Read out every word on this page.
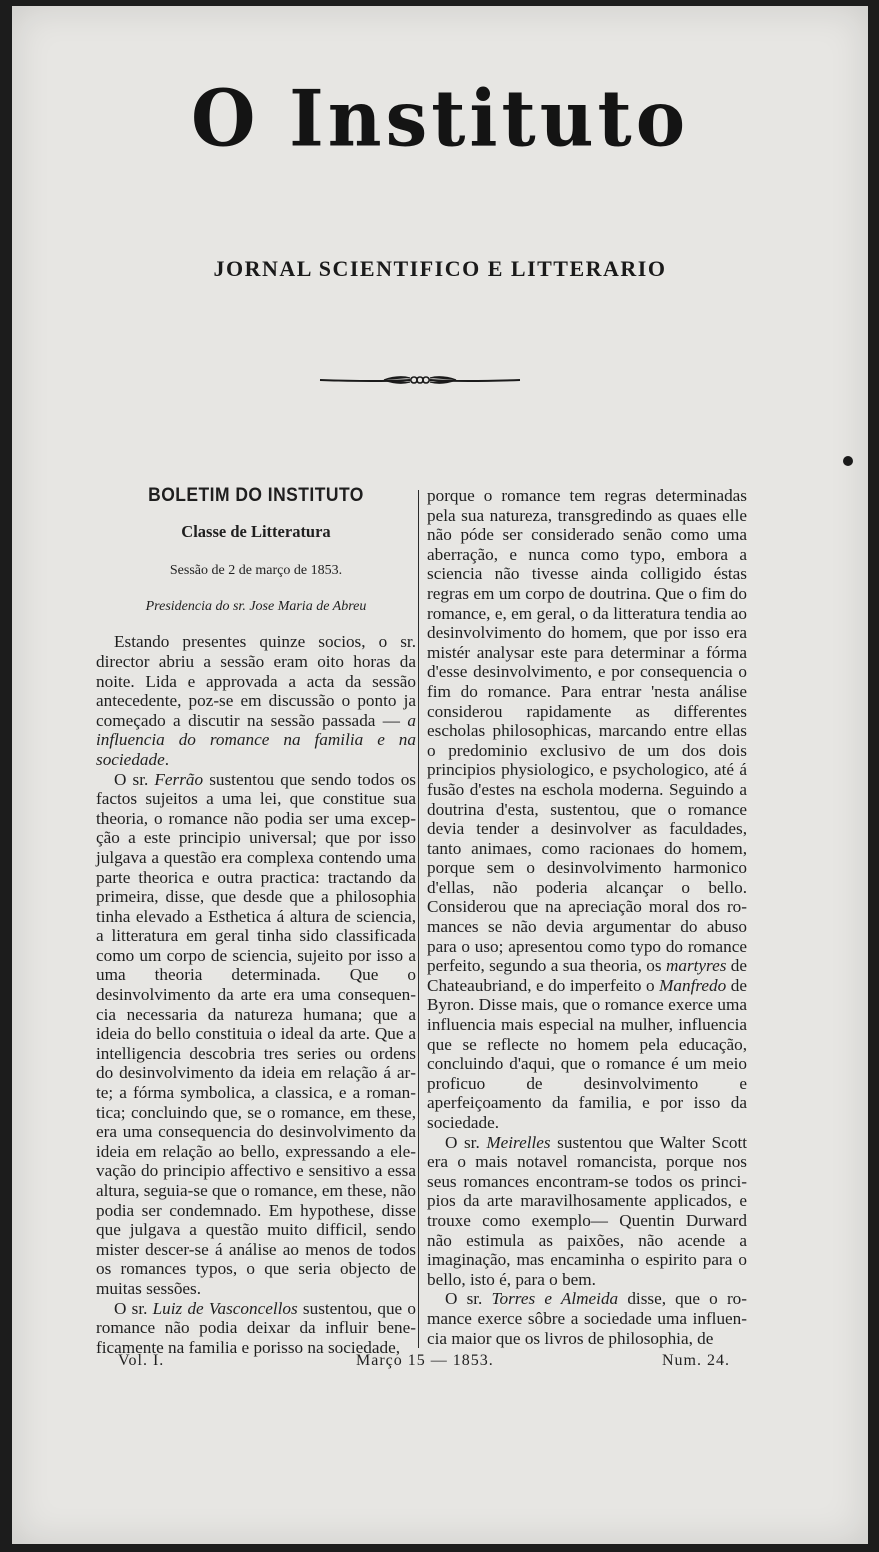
O Instituto
JORNAL SCIENTIFICO E LITTERARIO
BOLETIM DO INSTITUTO
Classe de Litteratura
Sessão de 2 de março de 1853.
Presidencia do sr. Jose Maria de Abreu

Estando presentes quinze socios, o sr. director abriu a sessão eram oito horas da noite. Lida e approvada a acta da sessão antecedente, poz-se em discussão o ponto ja começado a discutir na sessão passada — a influencia do romance na familia e na sociedade.

O sr. Ferrão sustentou que sendo todos os factos sujeitos a uma lei, que constitue sua theoria, o romance não podia ser uma excepção a este principio universal; que por isso julgava a questão era complexa contendo uma parte theorica e outra practica: tractando da primeira, disse, que desde que a philosophia tinha elevado a Esthetica á altura de sciencia, a litteratura em geral tinha sido classificada como um corpo de sciencia, sujeito por isso a uma theoria determinada. Que o desinvolvimento da arte era uma consequencia necessaria da natureza humana; que a ideia do bello constituia o ideal da arte. Que a intelligencia descobria tres series ou ordens do desinvolvimento da ideia em relação á arte; a fórma symbolica, a classica, e a romantica; concluindo que, se o romance, em these, era uma consequencia do desinvolvimento da ideia em relação ao bello, expressando a elevação do principio affectivo e sensitivo a essa altura, seguia-se que o romance, em these, não podia ser condemnado. Em hypothese, disse que julgava a questão muito difficil, sendo mister descer-se á análise ao menos de todos os romances typos, o que seria objecto de muitas sessões.

O sr. Luiz de Vasconcellos sustentou, que o romance não podia deixar da influir beneficamente na familia e porisso na sociedade,

porque o romance tem regras determinadas pela sua natureza, transgredindo as quaes elle não póde ser considerado senão como uma aberração, e nunca como typo, embora a sciencia não tivesse ainda colligido éstas regras em um corpo de doutrina. Que o fim do romance, e, em geral, o da litteratura tendia ao desinvolvimento do homem, que por isso era mistér analysar este para determinar a fórma d'esse desinvolvimento, e por consequencia o fim do romance. Para entrar 'nesta análise considerou rapidamente as differentes escholas philosophicas, marcando entre ellas o predominio exclusivo de um dos dois principios physiologico, e psychologico, até á fusão d'estes na eschola moderna. Seguindo a doutrina d'esta, sustentou, que o romance devia tender a desinvolver as faculdades, tanto animaes, como racionaes do homem, porque sem o desinvolvimento harmonico d'ellas, não poderia alcançar o bello. Considerou que na apreciação moral dos romances se não devia argumentar do abuso para o uso; apresentou como typo do romance perfeito, segundo a sua theoria, os martyres de Chateaubriand, e do imperfeito o Manfredo de Byron. Disse mais, que o romance exerce uma influencia mais especial na mulher, influencia que se reflecte no homem pela educação, concluindo d'aqui, que o romance é um meio proficuo de desinvolvimento e aperfeiçoamento da familia, e por isso da sociedade.

O sr. Meirelles sustentou que Walter Scott era o mais notavel romancista, porque nos seus romances encontram-se todos os principios da arte maravilhosamente applicados, e trouxe como exemplo— Quentin Durward não estimula as paixões, não acende a imaginação, mas encaminha o espirito para o bello, isto é, para o bem.

O sr. Torres e Almeida disse, que o romance exerce sôbre a sociedade uma influencia maior que os livros de philosophia, de

Vol. I.	Março 15 — 1853.	Num. 24.
